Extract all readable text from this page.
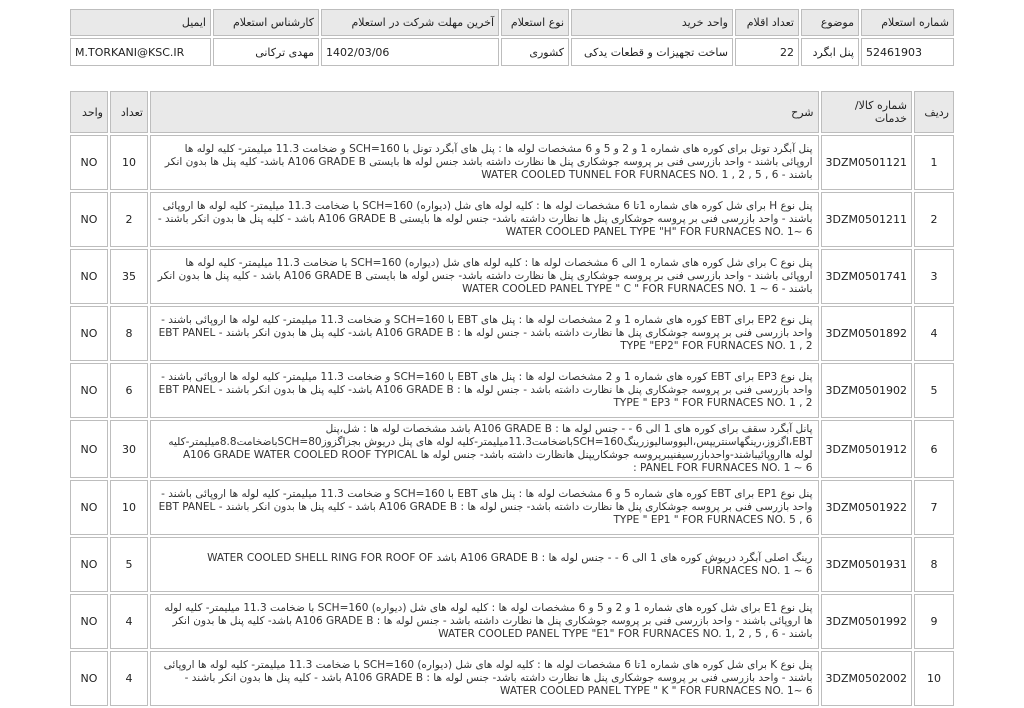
شماره استعلام	موضوع	تعداد اقلام	واحد خرید	نوع استعلام	آخرین مهلت شرکت در استعلام	کارشناس استعلام	ایمیل
52461903	پنل ابگرد	22	ساخت تجهیزات و قطعات یدکی	کشوری	1402/03/06	مهدی ترکانی	M.TORKANI@KSC.IR
ردیف	شماره کالا/خدمات	شرح	تعداد	واحد
1	3DZM0501121	پنل آبگرد تونل برای کوره های شماره 1 و 2 و 5 و 6 مشخصات لوله ها : پنل های آبگرد تونل با SCH=160 و ضخامت 11.3 میلیمتر- کلیه لوله ها اروپائی باشند - واحد بازرسی فنی بر پروسه جوشکاری پنل ها نظارت داشته باشد جنس لوله ها بایستی A106 GRADE B باشد- کلیه پنل ها بدون انکر باشند - WATER COOLED TUNNEL FOR FURNACES NO. 1 , 2 , 5 , 6	10	NO
2	3DZM0501211	پنل نوع H برای شل کوره های شماره 1تا 6 مشخصات لوله ها : کلیه لوله های شل (دیواره) SCH=160 با ضخامت 11.3 میلیمتر- کلیه لوله ها اروپائی باشند - واحد بازرسی فنی بر پروسه جوشکاری پنل ها نظارت داشته باشد- جنس لوله ها بایستی A106 GRADE B باشد - کلیه پنل ها بدون انکر باشند - WATER COOLED PANEL TYPE "H" FOR FURNACES NO. 1~ 6	2	NO
3	3DZM0501741	پنل نوع C برای شل کوره های شماره 1 الی 6 مشخصات لوله ها : کلیه لوله های شل (دیواره) SCH=160 با ضخامت 11.3 میلیمتر- کلیه لوله ها اروپائی باشند - واحد بازرسی فنی بر پروسه جوشکاری پنل ها نظارت داشته باشد- جنس لوله ها بایستی A106 GRADE B باشد - کلیه پنل ها بدون انکر باشند - WATER COOLED PANEL TYPE " C " FOR FURNACES NO. 1 ~ 6	35	NO
4	3DZM0501892	پنل نوع EP2 برای EBT کوره های شماره 1 و 2 مشخصات لوله ها : پنل های EBT با SCH=160 و ضخامت 11.3 میلیمتر- کلیه لوله ها اروپائی باشند - واحد بازرسی فنی بر پروسه جوشکاری پنل ها نظارت داشته باشد - جنس لوله ها : A106 GRADE B باشد- کلیه پنل ها بدون انکر باشند - EBT PANEL TYPE "EP2" FOR FURNACES NO. 1 , 2	8	NO
5	3DZM0501902	پنل نوع EP3 برای EBT کوره های شماره 1 و 2 مشخصات لوله ها : پنل های EBT با SCH=160 و ضخامت 11.3 میلیمتر- کلیه لوله ها اروپائی باشند - واحد بازرسی فنی بر پروسه جوشکاری پنل ها نظارت داشته باشد - جنس لوله ها : A106 GRADE B باشد- کلیه پنل ها بدون انکر باشند - EBT PANEL TYPE " EP3 " FOR FURNACES NO. 1 , 2	6	NO
6	3DZM0501912	پانل آبگرد سقف برای کوره های 1 الی 6 - - جنس لوله ها : A106 GRADE B باشد مشخصات لوله ها : شل،پنل EBT،اگزوز،رینگهاسنتریپس،الیووسالیوزرینگSCH=160باضخامت11.3میلیمتر-کلیه لوله های پنل دریوش بجزاگزوزSCH=80باضخامت8.8میلیمتر-کلیه لوله هااروپائیباشند-واحدبازرسیفنیبرپروسه جوشکاریپنل هانظارت داشته باشد- جنس لوله ها A106 GRADE WATER COOLED ROOF TYPICAL PANEL FOR FURNACES NO. 1 ~ 6 :	30	NO
7	3DZM0501922	پنل نوع EP1 برای EBT کوره های شماره 5 و 6 مشخصات لوله ها : پنل های EBT با SCH=160 و ضخامت 11.3 میلیمتر- کلیه لوله ها اروپائی باشند - واحد بازرسی فنی بر پروسه جوشکاری پنل ها نظارت داشته باشد- جنس لوله ها : A106 GRADE B باشد - کلیه پنل ها بدون انکر باشند - EBT PANEL TYPE " EP1 " FOR FURNACES NO. 5 , 6	10	NO
8	3DZM0501931	رینگ اصلی آبگرد دریوش کوره های 1 الی 6 - - جنس لوله ها : A106 GRADE B باشد WATER COOLED SHELL RING FOR ROOF OF FURNACES NO. 1 ~ 6	5	NO
9	3DZM0501992	پنل نوع E1 برای شل کوره های شماره 1 و 2 و 5 و 6 مشخصات لوله ها : کلیه لوله های شل (دیواره) SCH=160 با ضخامت 11.3 میلیمتر- کلیه لوله ها اروپائی باشند - واحد بازرسی فنی بر پروسه جوشکاری پنل ها نظارت داشته باشد - جنس لوله ها : A106 GRADE B باشد- کلیه پنل ها بدون انکر باشند - WATER COOLED PANEL TYPE "E1" FOR FURNACES NO. 1, 2 , 5 , 6	4	NO
10	3DZM0502002	پنل نوع K برای شل کوره های شماره 1تا 6 مشخصات لوله ها : کلیه لوله های شل (دیواره) SCH=160 با ضخامت 11.3 میلیمتر- کلیه لوله ها اروپائی باشند - واحد بازرسی فنی بر پروسه جوشکاری پنل ها نظارت داشته باشد- جنس لوله ها : A106 GRADE B باشد - کلیه پنل ها بدون انکر باشند - WATER COOLED PANEL TYPE " K " FOR FURNACES NO. 1~ 6	4	NO
